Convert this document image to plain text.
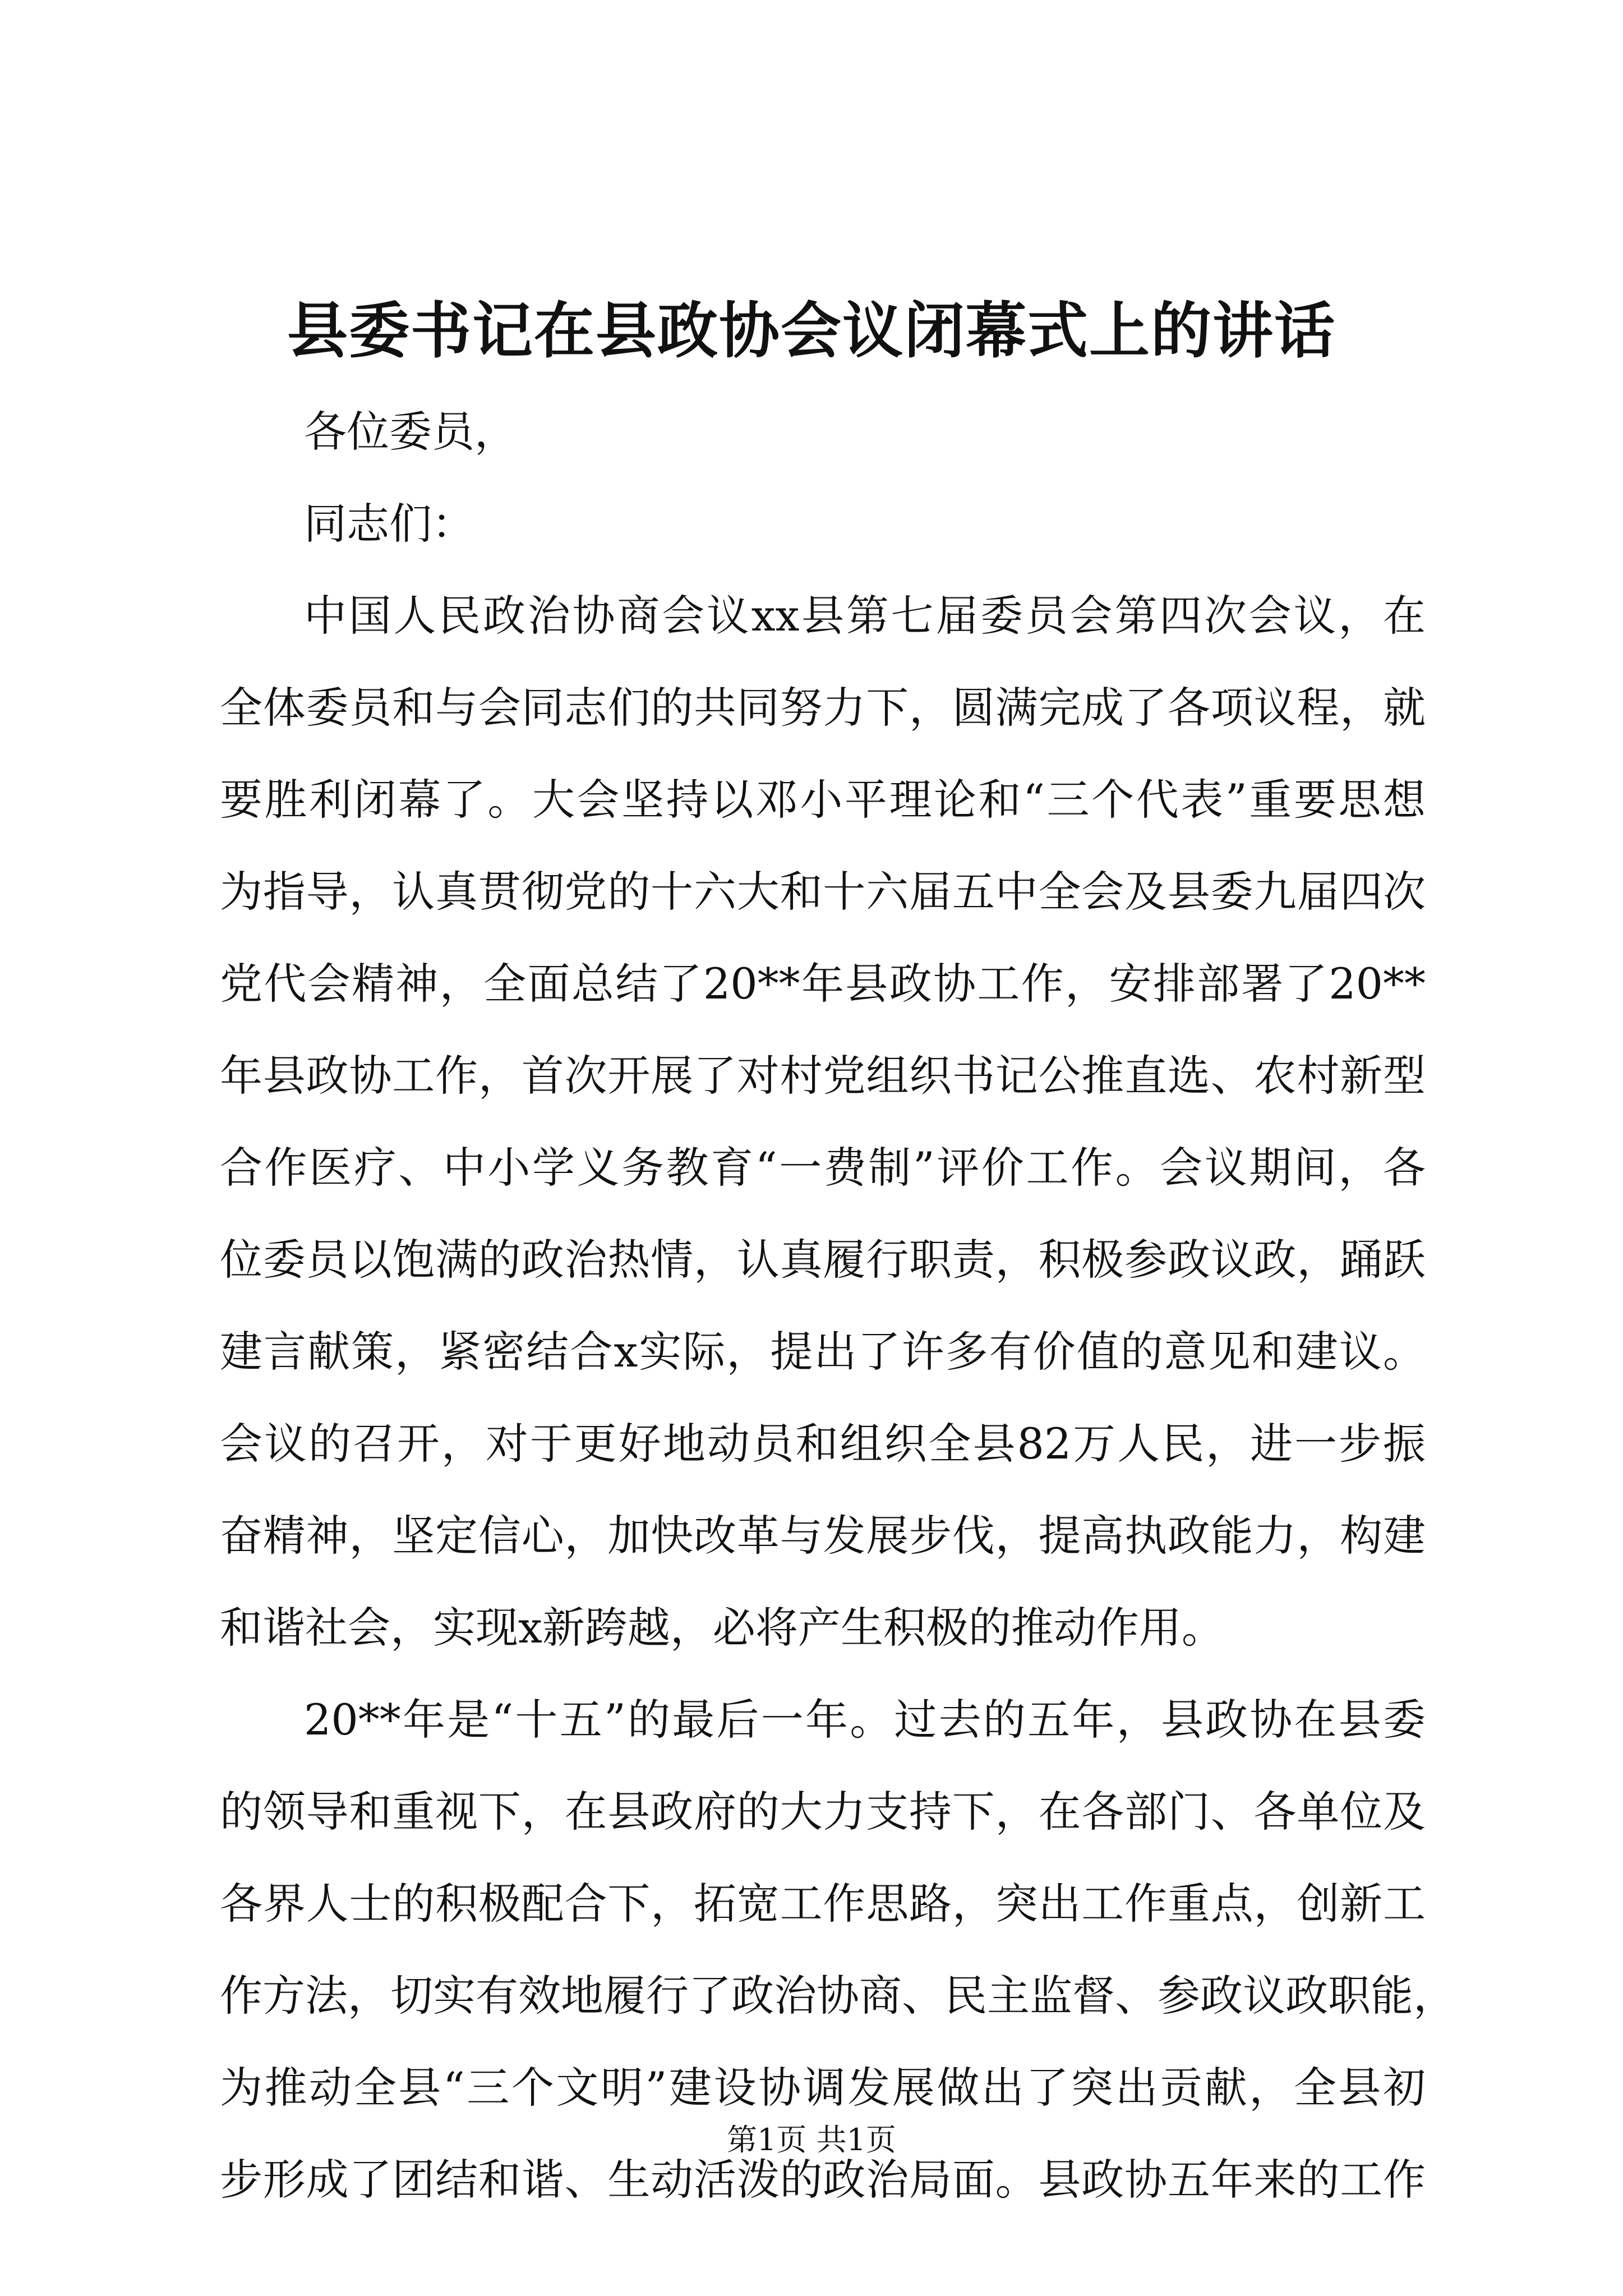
县委书记在县政协会议闭幕式上的讲话
各位委员，
同志们：
中国人民政治协商会议xx县第七届委员会第四次会议，在
全体委员和与会同志们的共同努力下，圆满完成了各项议程，就
要胜利闭幕了。大会坚持以邓小平理论和“三个代表”重要思想
为指导，认真贯彻党的十六大和十六届五中全会及县委九届四次
党代会精神，全面总结了20**年县政协工作，安排部署了20**
年县政协工作，首次开展了对村党组织书记公推直选、农村新型
合作医疗、中小学义务教育“一费制”评价工作。会议期间，各
位委员以饱满的政治热情，认真履行职责，积极参政议政，踊跃
建言献策，紧密结合x实际，提出了许多有价值的意见和建议。
会议的召开，对于更好地动员和组织全县82万人民，进一步振
奋精神，坚定信心，加快改革与发展步伐，提高执政能力，构建
和谐社会，实现x新跨越，必将产生积极的推动作用。
20**年是“十五”的最后一年。过去的五年，县政协在县委
的领导和重视下，在县政府的大力支持下，在各部门、各单位及
各界人士的积极配合下，拓宽工作思路，突出工作重点，创新工
作方法，切实有效地履行了政治协商、民主监督、参政议政职能，
为推动全县“三个文明”建设协调发展做出了突出贡献，全县初
步形成了团结和谐、生动活泼的政治局面。县政协五年来的工作
第1页 共1页
